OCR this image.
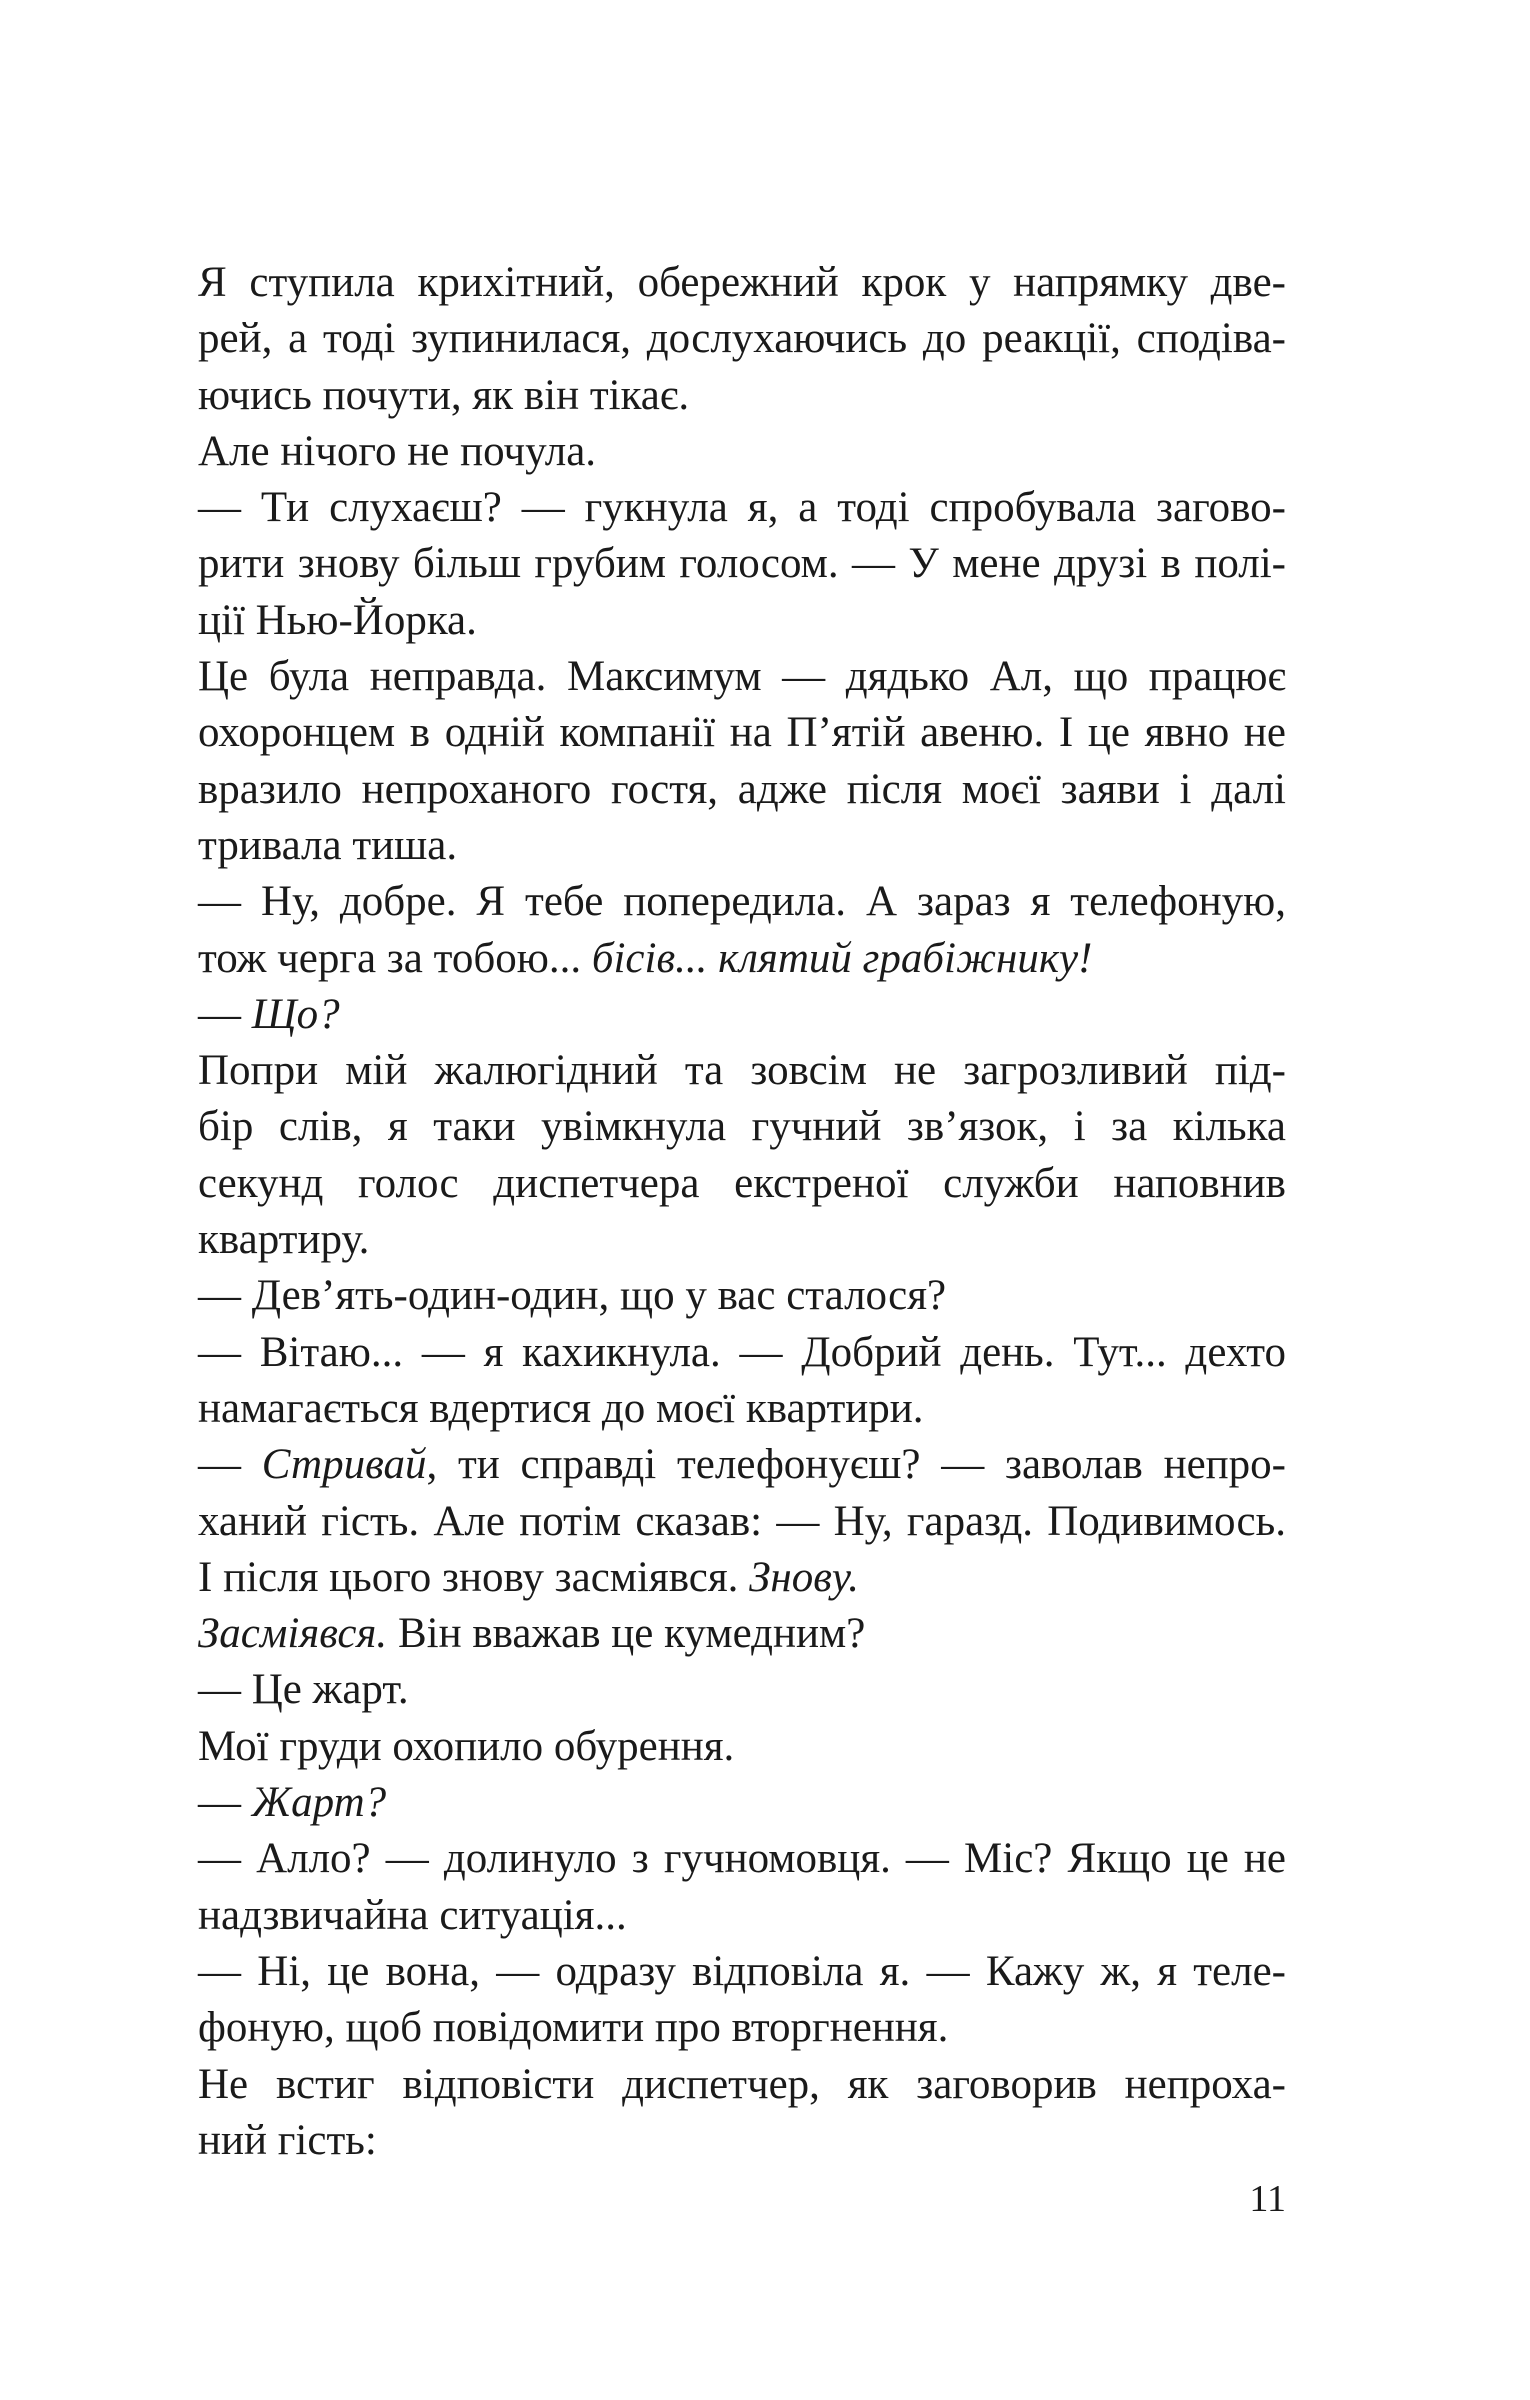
Я ступила крихітний, обережний крок у напрямку две-
рей, а тоді зупинилася, дослухаючись до реакції, сподіва-
ючись почути, як він тікає.
Але нічого не почула.
— Ти слухаєш? — гукнула я, а тоді спробувала загово-
рити знову більш грубим голосом. — У мене друзі в полі-
ції Нью-Йорка.
Це була неправда. Максимум — дядько Ал, що працює
охоронцем в одній компанії на П’ятій авеню. І це явно не
вразило непроханого гостя, адже після моєї заяви і далі
тривала тиша.
— Ну, добре. Я тебе попередила. А зараз я телефоную,
тож черга за тобою... бісів... клятий грабіжнику!
— Що?
Попри мій жалюгідний та зовсім не загрозливий під-
бір слів, я таки увімкнула гучний зв’язок, і за кілька
секунд голос диспетчера екстреної служби наповнив
квартиру.
— Дев’ять-один-один, що у вас сталося?
— Вітаю... — я кахикнула. — Добрий день. Тут... дехто
намагається вдертися до моєї квартири.
— Стривай, ти справді телефонуєш? — заволав непро-
ханий гість. Але потім сказав: — Ну, гаразд. Подивимось.
І після цього знову засміявся. Знову.
Засміявся. Він вважав це кумедним?
— Це жарт.
Мої груди охопило обурення.
— Жарт?
— Алло? — долинуло з гучномовця. — Міс? Якщо це не
надзвичайна ситуація...
— Ні, це вона, — одразу відповіла я. — Кажу ж, я теле-
фоную, щоб повідомити про вторгнення.
Не встиг відповісти диспетчер, як заговорив непроха-
ний гість:
11
